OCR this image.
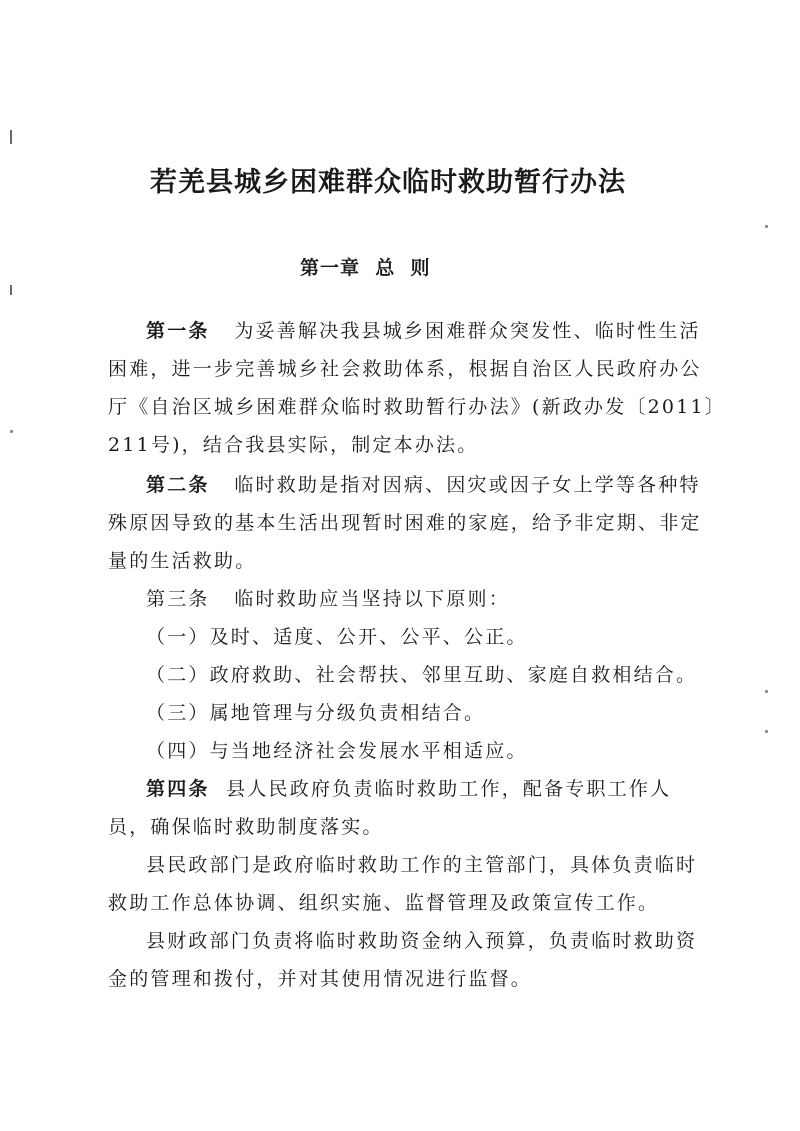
若羌县城乡困难群众临时救助暂行办法
第一章  总  则
第一条 为妥善解决我县城乡困难群众突发性、临时性生活
困难，进一步完善城乡社会救助体系，根据自治区人民政府办公
厅《自治区城乡困难群众临时救助暂行办法》(新政办发〔2011〕
211号)，结合我县实际，制定本办法。
第二条 临时救助是指对因病、因灾或因子女上学等各种特
殊原因导致的基本生活出现暂时困难的家庭，给予非定期、非定
量的生活救助。
第三条 临时救助应当坚持以下原则：
（一）及时、适度、公开、公平、公正。
（二）政府救助、社会帮扶、邻里互助、家庭自救相结合。
（三）属地管理与分级负责相结合。
（四）与当地经济社会发展水平相适应。
第四条 县人民政府负责临时救助工作，配备专职工作人
员，确保临时救助制度落实。
县民政部门是政府临时救助工作的主管部门，具体负责临时
救助工作总体协调、组织实施、监督管理及政策宣传工作。
县财政部门负责将临时救助资金纳入预算，负责临时救助资
金的管理和拨付，并对其使用情况进行监督。
